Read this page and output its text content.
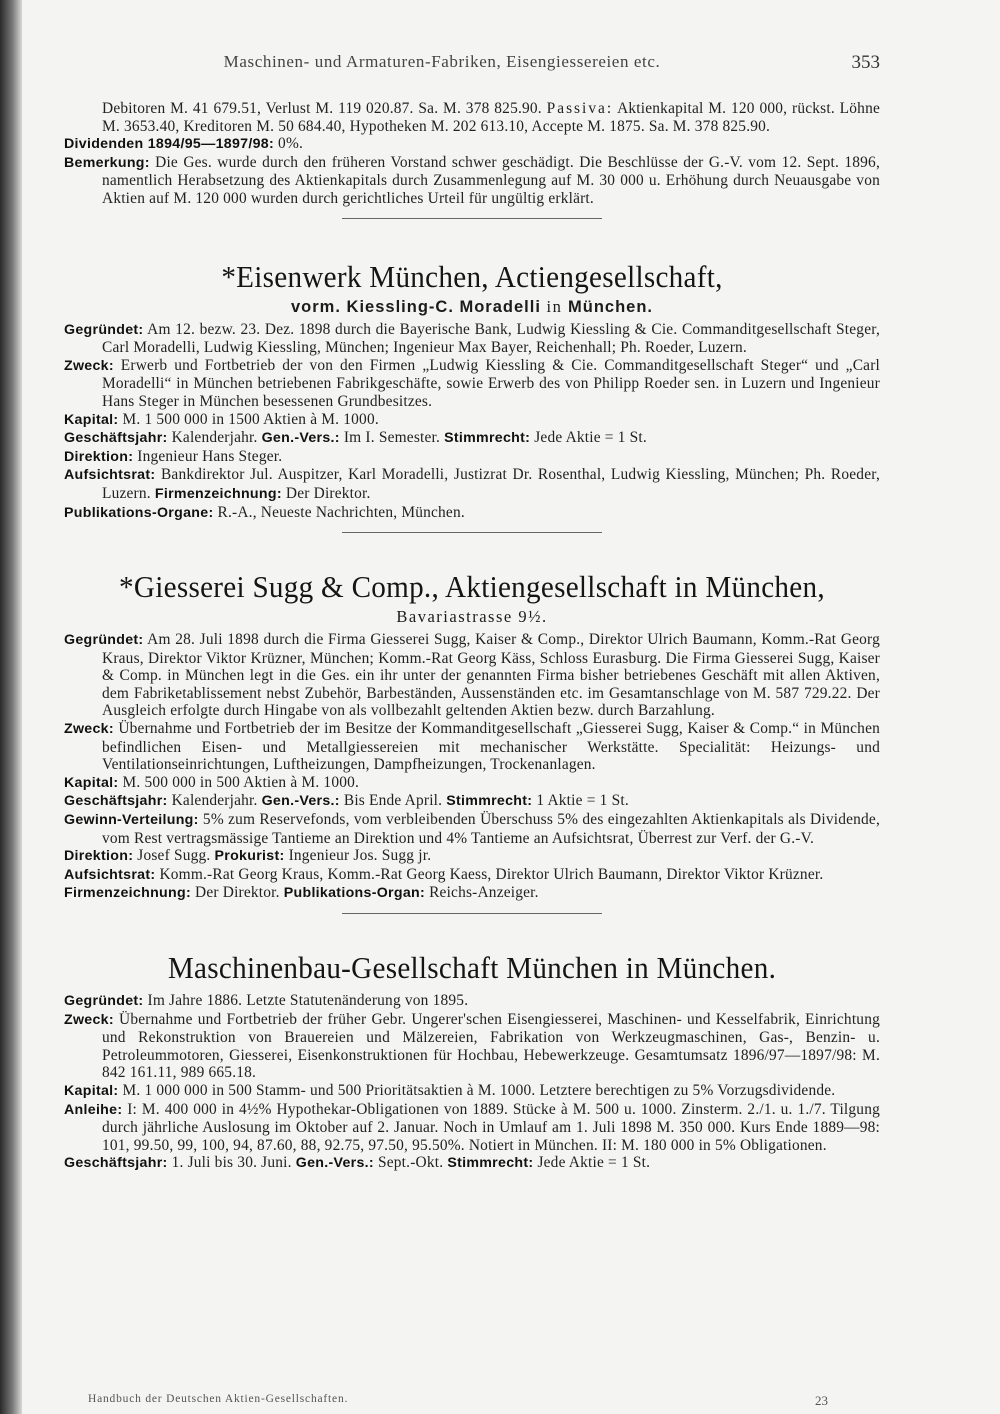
Maschinen- und Armaturen-Fabriken, Eisengiessereien etc.	353

Debitoren M. 41 679.51, Verlust M. 119 020.87. Sa. M. 378 825.90. Passiva: Aktienkapital M. 120 000, rückst. Löhne M. 3653.40, Kreditoren M. 50 684.40, Hypotheken M. 202 613.10, Accepte M. 1875. Sa. M. 378 825.90.

Dividenden 1894/95—1897/98: 0%.

Bemerkung: Die Ges. wurde durch den früheren Vorstand schwer geschädigt. Die Beschlüsse der G.-V. vom 12. Sept. 1896, namentlich Herabsetzung des Aktienkapitals durch Zusammenlegung auf M. 30 000 u. Erhöhung durch Neuausgabe von Aktien auf M. 120 000 wurden durch gerichtliches Urteil für ungültig erklärt.

*Eisenwerk München, Actiengesellschaft,
vorm. Kiessling-C. Moradelli in München.

Gegründet: Am 12. bezw. 23. Dez. 1898 durch die Bayerische Bank, Ludwig Kiessling & Cie. Commanditgesellschaft Steger, Carl Moradelli, Ludwig Kiessling, München; Ingenieur Max Bayer, Reichenhall; Ph. Roeder, Luzern.

Zweck: Erwerb und Fortbetrieb der von den Firmen „Ludwig Kiessling & Cie. Commanditgesellschaft Steger“ und „Carl Moradelli“ in München betriebenen Fabrikgeschäfte, sowie Erwerb des von Philipp Roeder sen. in Luzern und Ingenieur Hans Steger in München besessenen Grundbesitzes.

Kapital: M. 1 500 000 in 1500 Aktien à M. 1000.

Geschäftsjahr: Kalenderjahr. Gen.-Vers.: Im I. Semester. Stimmrecht: Jede Aktie = 1 St.

Direktion: Ingenieur Hans Steger.

Aufsichtsrat: Bankdirektor Jul. Auspitzer, Karl Moradelli, Justizrat Dr. Rosenthal, Ludwig Kiessling, München; Ph. Roeder, Luzern. Firmenzeichnung: Der Direktor.

Publikations-Organe: R.-A., Neueste Nachrichten, München.

*Giesserei Sugg & Comp., Aktiengesellschaft in München,
Bavariastrasse 9½.

Gegründet: Am 28. Juli 1898 durch die Firma Giesserei Sugg, Kaiser & Comp., Direktor Ulrich Baumann, Komm.-Rat Georg Kraus, Direktor Viktor Krüzner, München; Komm.-Rat Georg Käss, Schloss Eurasburg. Die Firma Giesserei Sugg, Kaiser & Comp. in München legt in die Ges. ein ihr unter der genannten Firma bisher betriebenes Geschäft mit allen Aktiven, dem Fabriketablissement nebst Zubehör, Barbeständen, Aussenständen etc. im Gesamtanschlage von M. 587 729.22. Der Ausgleich erfolgte durch Hingabe von als vollbezahlt geltenden Aktien bezw. durch Barzahlung.

Zweck: Übernahme und Fortbetrieb der im Besitze der Kommanditgesellschaft „Giesserei Sugg, Kaiser & Comp.“ in München befindlichen Eisen- und Metallgiessereien mit mechanischer Werkstätte. Specialität: Heizungs- und Ventilationseinrichtungen, Luftheizungen, Dampfheizungen, Trockenanlagen.

Kapital: M. 500 000 in 500 Aktien à M. 1000.

Geschäftsjahr: Kalenderjahr. Gen.-Vers.: Bis Ende April. Stimmrecht: 1 Aktie = 1 St.

Gewinn-Verteilung: 5% zum Reservefonds, vom verbleibenden Überschuss 5% des eingezahlten Aktienkapitals als Dividende, vom Rest vertragsmässige Tantieme an Direktion und 4% Tantieme an Aufsichtsrat, Überrest zur Verf. der G.-V.

Direktion: Josef Sugg. Prokurist: Ingenieur Jos. Sugg jr.

Aufsichtsrat: Komm.-Rat Georg Kraus, Komm.-Rat Georg Kaess, Direktor Ulrich Baumann, Direktor Viktor Krüzner.

Firmenzeichnung: Der Direktor. Publikations-Organ: Reichs-Anzeiger.

Maschinenbau-Gesellschaft München in München.

Gegründet: Im Jahre 1886. Letzte Statutenänderung von 1895.

Zweck: Übernahme und Fortbetrieb der früher Gebr. Ungerer'schen Eisengiesserei, Maschinen- und Kesselfabrik, Einrichtung und Rekonstruktion von Brauereien und Mälzereien, Fabrikation von Werkzeugmaschinen, Gas-, Benzin- u. Petroleummotoren, Giesserei, Eisenkonstruktionen für Hochbau, Hebewerkzeuge. Gesamtumsatz 1896/97—1897/98: M. 842 161.11, 989 665.18.

Kapital: M. 1 000 000 in 500 Stamm- und 500 Prioritätsaktien à M. 1000. Letztere berechtigen zu 5% Vorzugsdividende.

Anleihe: I: M. 400 000 in 4½% Hypothekar-Obligationen von 1889. Stücke à M. 500 u. 1000. Zinsterm. 2./1. u. 1./7. Tilgung durch jährliche Auslosung im Oktober auf 2. Januar. Noch in Umlauf am 1. Juli 1898 M. 350 000. Kurs Ende 1889—98: 101, 99.50, 99, 100, 94, 87.60, 88, 92.75, 97.50, 95.50%. Notiert in München. II: M. 180 000 in 5% Obligationen.

Geschäftsjahr: 1. Juli bis 30. Juni. Gen.-Vers.: Sept.-Okt. Stimmrecht: Jede Aktie = 1 St.

Handbuch der Deutschen Aktien-Gesellschaften.	23
